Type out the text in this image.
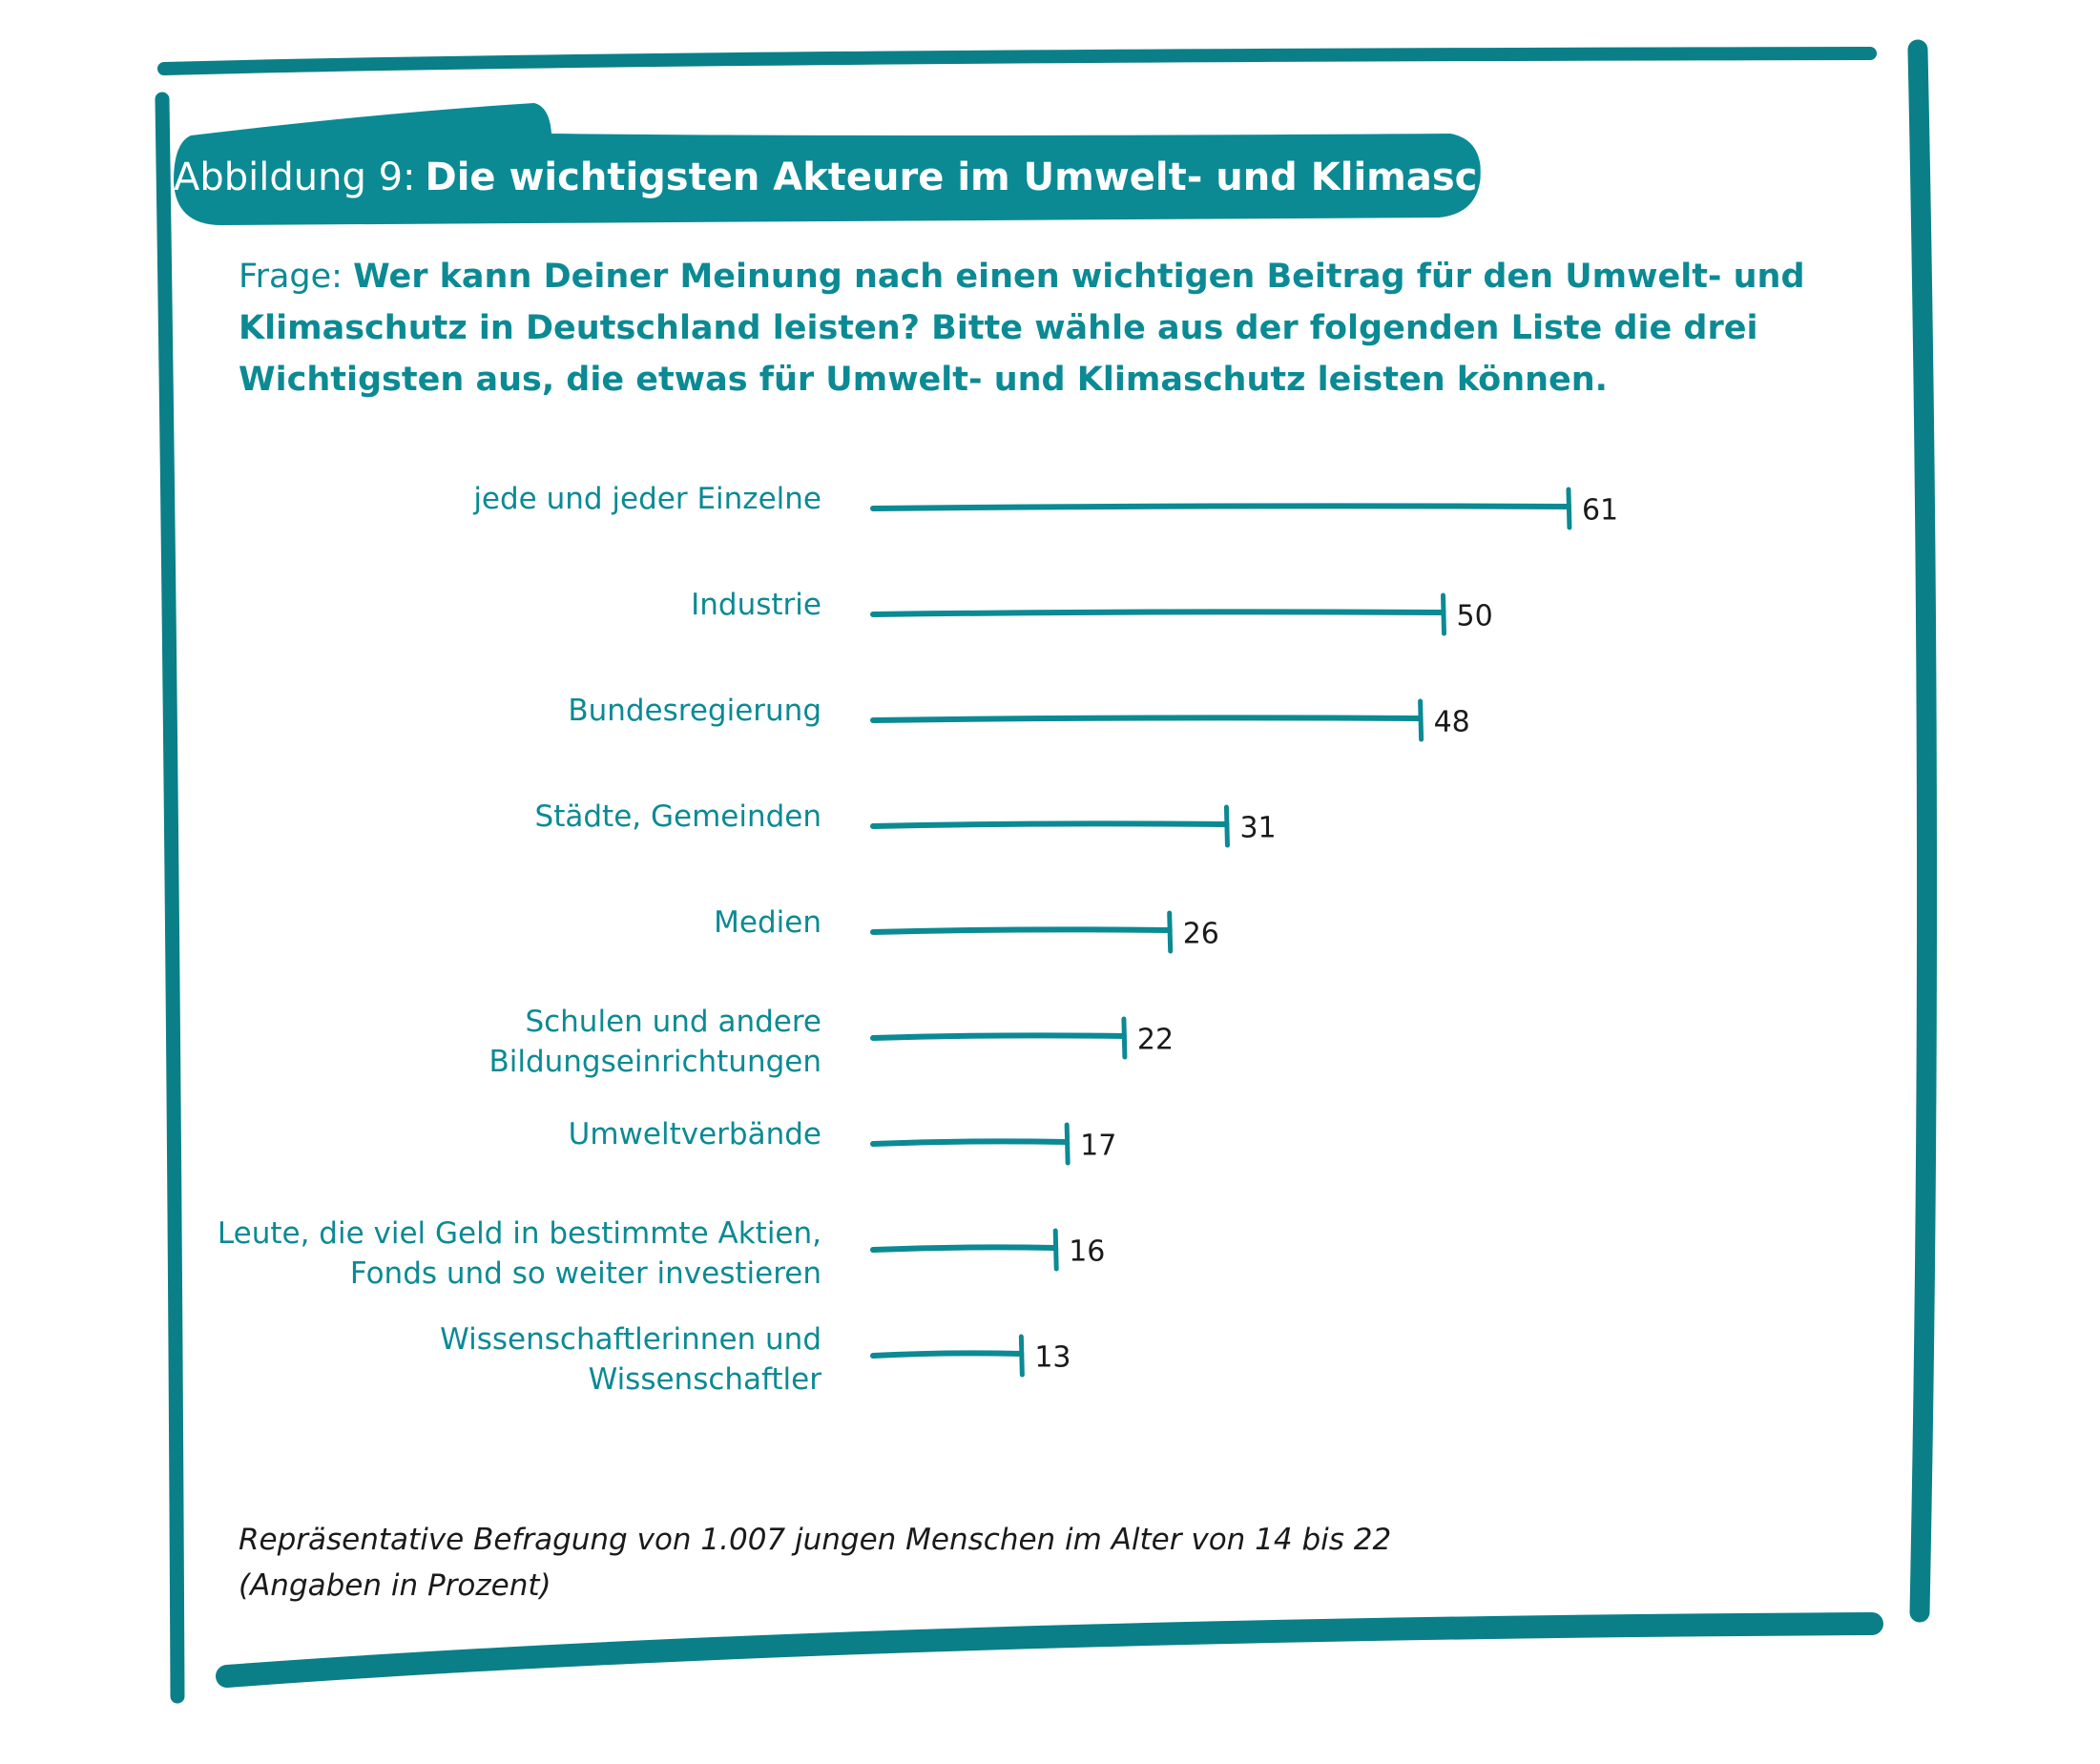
Abbildung 9: Die wichtigsten Akteure im Umwelt- und Klimaschutz
Frage: Wer kann Deiner Meinung nach einen wichtigen Beitrag für den Umwelt- und Klimaschutz in Deutschland leisten? Bitte wähle aus der folgenden Liste die drei Wichtigsten aus, die etwas für Umwelt- und Klimaschutz leisten können.
61
jede und jeder Einzelne
50
Industrie
48
Bundesregierung
31
Städte, Gemeinden
26
Medien
22
Schulen und andere
Bildungseinrichtungen
17
Umweltverbände
16
Leute, die viel Geld in bestimmte Aktien,
Fonds und so weiter investieren
13
Wissenschaftlerinnen und
Wissenschaftler
Repräsentative Befragung von 1.007 jungen Menschen im Alter von 14 bis 22
(Angaben in Prozent)
